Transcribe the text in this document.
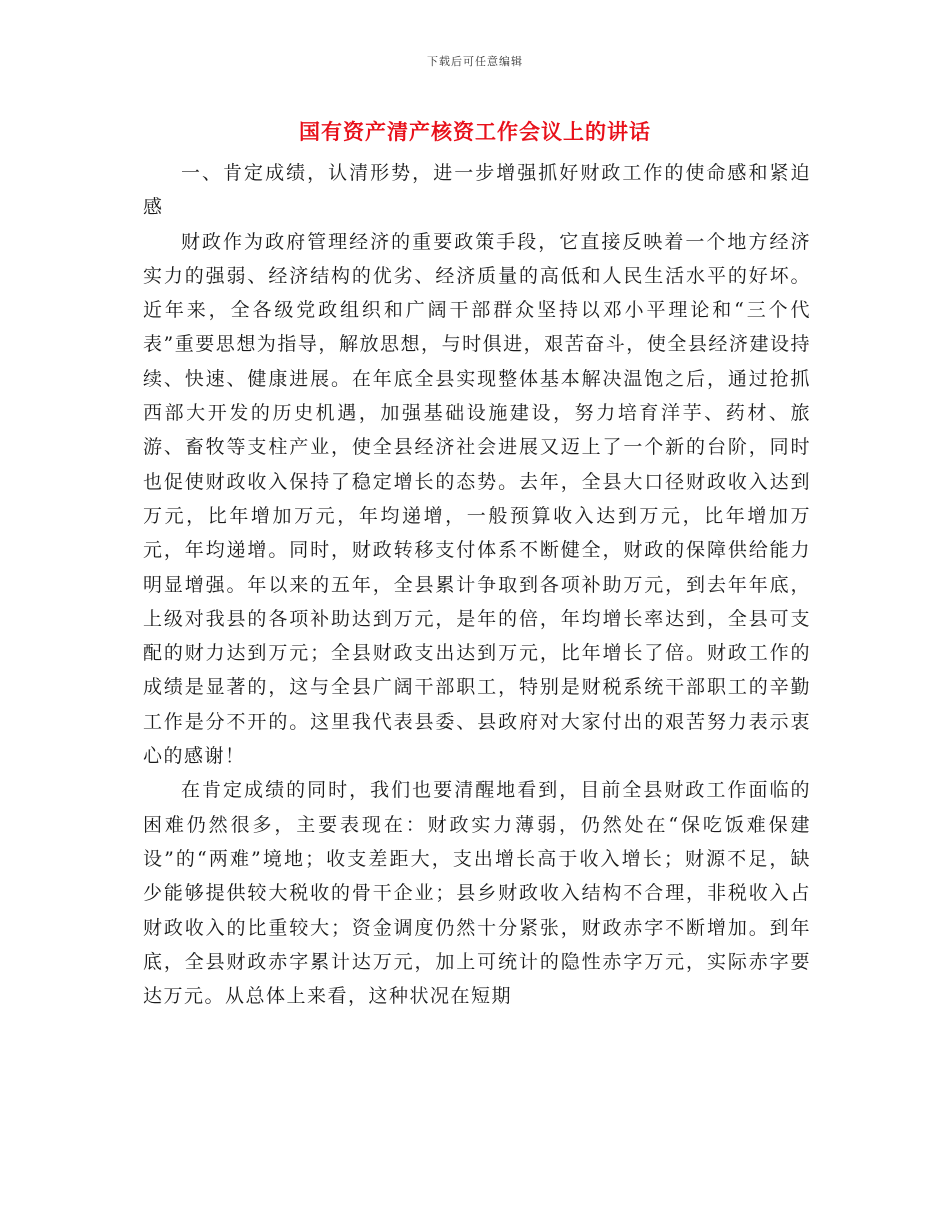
下载后可任意编辑
国有资产清产核资工作会议上的讲话

一、肯定成绩，认清形势，进一步增强抓好财政工作的使命感和紧迫感

财政作为政府管理经济的重要政策手段，它直接反映着一个地方经济实力的强弱、经济结构的优劣、经济质量的高低和人民生活水平的好坏。近年来，全各级党政组织和广阔干部群众坚持以邓小平理论和“三个代表”重要思想为指导，解放思想，与时俱进，艰苦奋斗，使全县经济建设持续、快速、健康进展。在年底全县实现整体基本解决温饱之后，通过抢抓西部大开发的历史机遇，加强基础设施建设，努力培育洋芋、药材、旅游、畜牧等支柱产业，使全县经济社会进展又迈上了一个新的台阶，同时也促使财政收入保持了稳定增长的态势。去年，全县大口径财政收入达到万元，比年增加万元，年均递增，一般预算收入达到万元，比年增加万元，年均递增。同时，财政转移支付体系不断健全，财政的保障供给能力明显增强。年以来的五年，全县累计争取到各项补助万元，到去年年底，上级对我县的各项补助达到万元，是年的倍，年均增长率达到，全县可支配的财力达到万元；全县财政支出达到万元，比年增长了倍。财政工作的成绩是显著的，这与全县广阔干部职工，特别是财税系统干部职工的辛勤工作是分不开的。这里我代表县委、县政府对大家付出的艰苦努力表示衷心的感谢！

在肯定成绩的同时，我们也要清醒地看到，目前全县财政工作面临的困难仍然很多，主要表现在：财政实力薄弱，仍然处在“保吃饭难保建设”的“两难”境地；收支差距大，支出增长高于收入增长；财源不足，缺少能够提供较大税收的骨干企业；县乡财政收入结构不合理，非税收入占财政收入的比重较大；资金调度仍然十分紧张，财政赤字不断增加。到年底，全县财政赤字累计达万元，加上可统计的隐性赤字万元，实际赤字要达万元。从总体上来看，这种状况在短期
